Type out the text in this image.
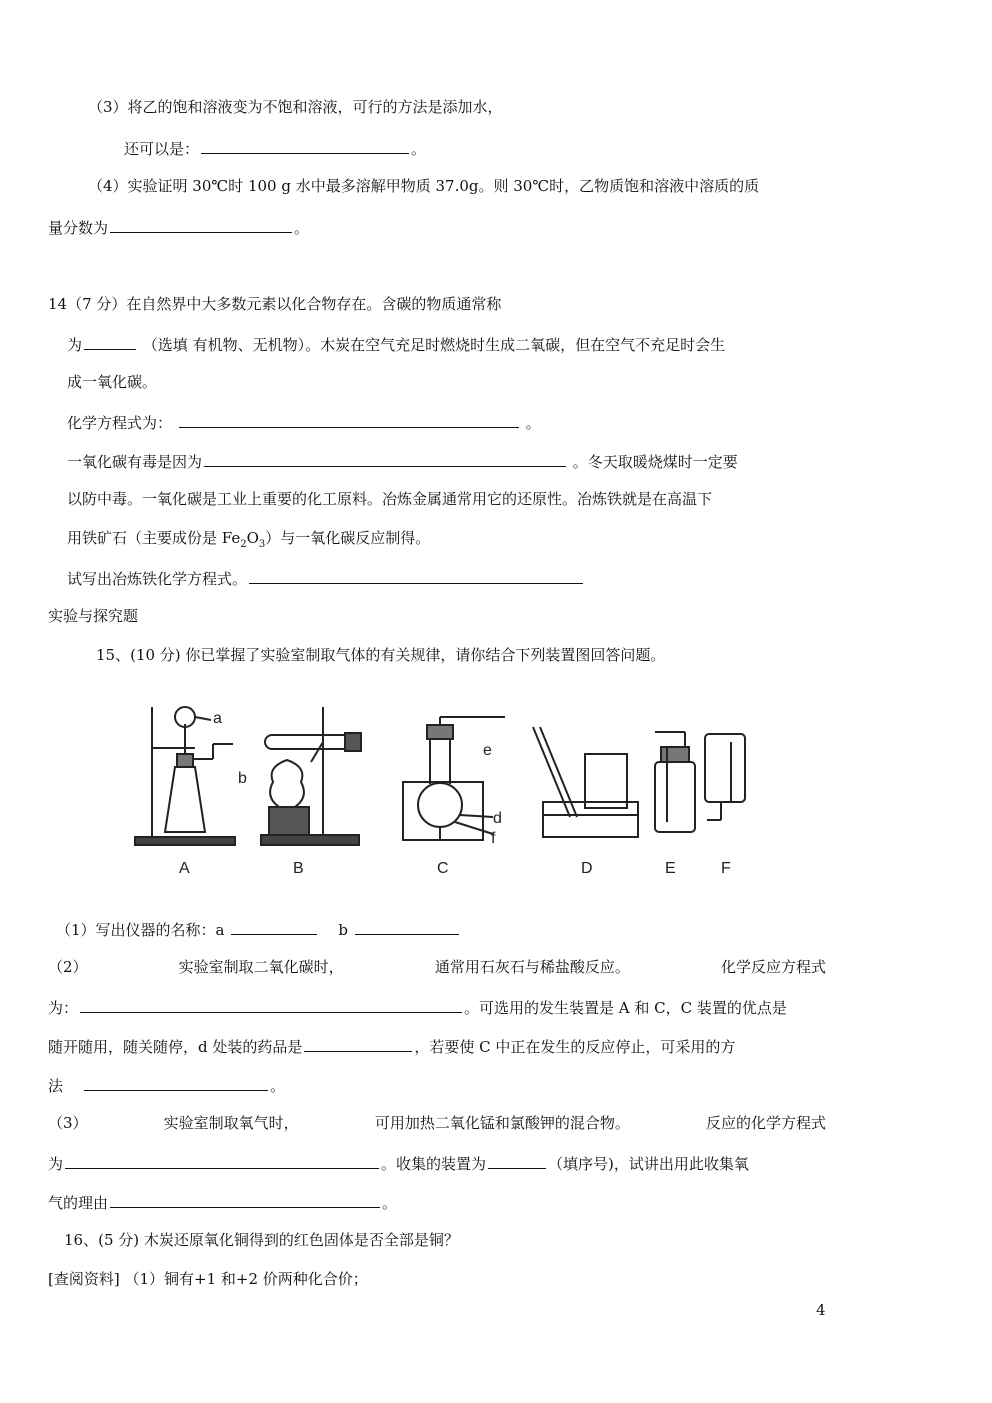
（3）将乙的饱和溶液变为不饱和溶液，可行的方法是添加水，
还可以是：	。
（4）实验证明 30℃时 100 g 水中最多溶解甲物质 37.0g。则 30℃时，乙物质饱和溶液中溶质的质
量分数为	。
14（7 分）在自然界中大多数元素以化合物存在。含碳的物质通常称
为	（选填 有机物、无机物）。木炭在空气充足时燃烧时生成二氧碳，但在空气不充足时会生
成一氧化碳。
化学方程式为：	。
一氧化碳有毒是因为	。冬天取暖烧煤时一定要
以防中毒。一氧化碳是工业上重要的化工原料。冶炼金属通常用它的还原性。冶炼铁就是在高温下
用铁矿石（主要成份是 $Fe_2O_3$）与一氧化碳反应制得。
试写出冶炼铁化学方程式。
实验与探究题
15、(10 分) 你已掌握了实验室制取气体的有关规律，请你结合下列装置图回答问题。
a
b
d
e
f
A	B	C	D	E	F
（1）写出仪器的名称：a	b
（2）	实验室制取二氧化碳时，	通常用石灰石与稀盐酸反应。	化学反应方程式
为：	。可选用的发生装置是 A 和 C，C 装置的优点是
随开随用，随关随停，d 处装的药品是	，若要使 C 中正在发生的反应停止，可采用的方
法	。
（3）	实验室制取氧气时，	可用加热二氧化锰和氯酸钾的混合物。	反应的化学方程式
为	。收集的装置为	（填序号)，试讲出用此收集氧
气的理由	。
16、(5 分) 木炭还原氧化铜得到的红色固体是否全部是铜？
[查阅资料] （1）铜有+1 和+2 价两种化合价；
4
